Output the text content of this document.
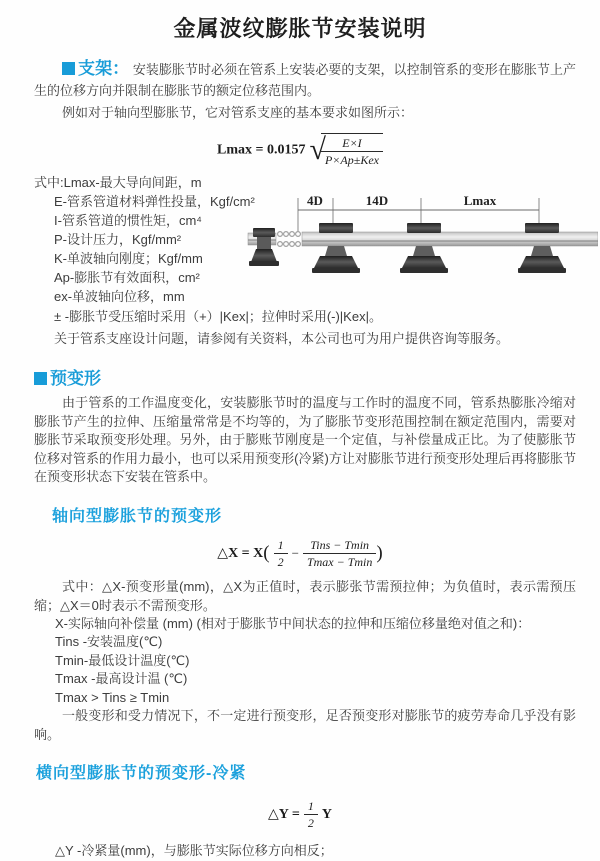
金属波纹膨胀节安装说明

支架： 安装膨胀节时必须在管系上安装必要的支架，以控制管系的变形在膨胀节上产生的位移方向并限制在膨胀节的额定位移范围内。

例如对于轴向型膨胀节，它对管系支座的基本要求如图所示：

Lmax = 0.0157 √
$\frac{E\times I}{\text{P×Ap±Kex}}$
式中:Lmax-最大导向间距，m
E-管系管道材料弹性投量，Kgf/cm²
I-管系管道的惯性矩，cm⁴
P-设计压力，Kgf/mm²
K-单波轴向刚度；Kgf/mm
Ap-膨胀节有效面积，cm²
ex-单波轴向位移，mm
± -膨胀节受压缩时采用（+）|Kex|；拉伸时采用(-)|Kex|。
关于管系支座设计问题，请参阅有关资料，本公司也可为用户提供咨询等服务。
4D	14D	Lmax
预变形

由于管系的工作温度变化，安装膨胀节时的温度与工作时的温度不同，管系热膨胀冷缩对膨胀节产生的拉伸、压缩量常常是不均等的，为了膨胀节变形范围控制在额定范围内，需要对膨胀节采取预变形处理。另外，由于膨账节刚度是一个定值，与补偿量成正比。为了使膨胀节位移对管系的作用力最小，也可以采用预变形(冷紧)方让对膨胀节进行预变形处理后再将膨胀节在预变形状态下安装在管系中。

轴向型膨胀节的预变形
△X = $X( \frac{1}{2} - \frac{\text{Tins − Tmin}}{Tmax - Tmin}$ )

式中：△X-预变形量(mm)，△X为正值时，表示膨张节需预拉伸；为负值时，表示需预压缩；△X＝0时表示不需预变形。

X-实际轴向补偿量 (mm) (相对于膨胀节中间状态的拉伸和压缩位移量绝对值之和)：
Tins -安装温度(℃)
Tmin-最低设计温度(℃)
Tmax -最高设计温 (℃)
Tmax > Tins ≥ Tmin

一般变形和受力情况下，不一定进行预变形，足否预变形对膨胀节的疲劳寿命几乎没有影响。

横向型膨胀节的预变形-冷紧
△Y = $\frac{1}{2}$ Y

△Y -冷紧量(mm)，与膨胀节实际位移方向相反；
